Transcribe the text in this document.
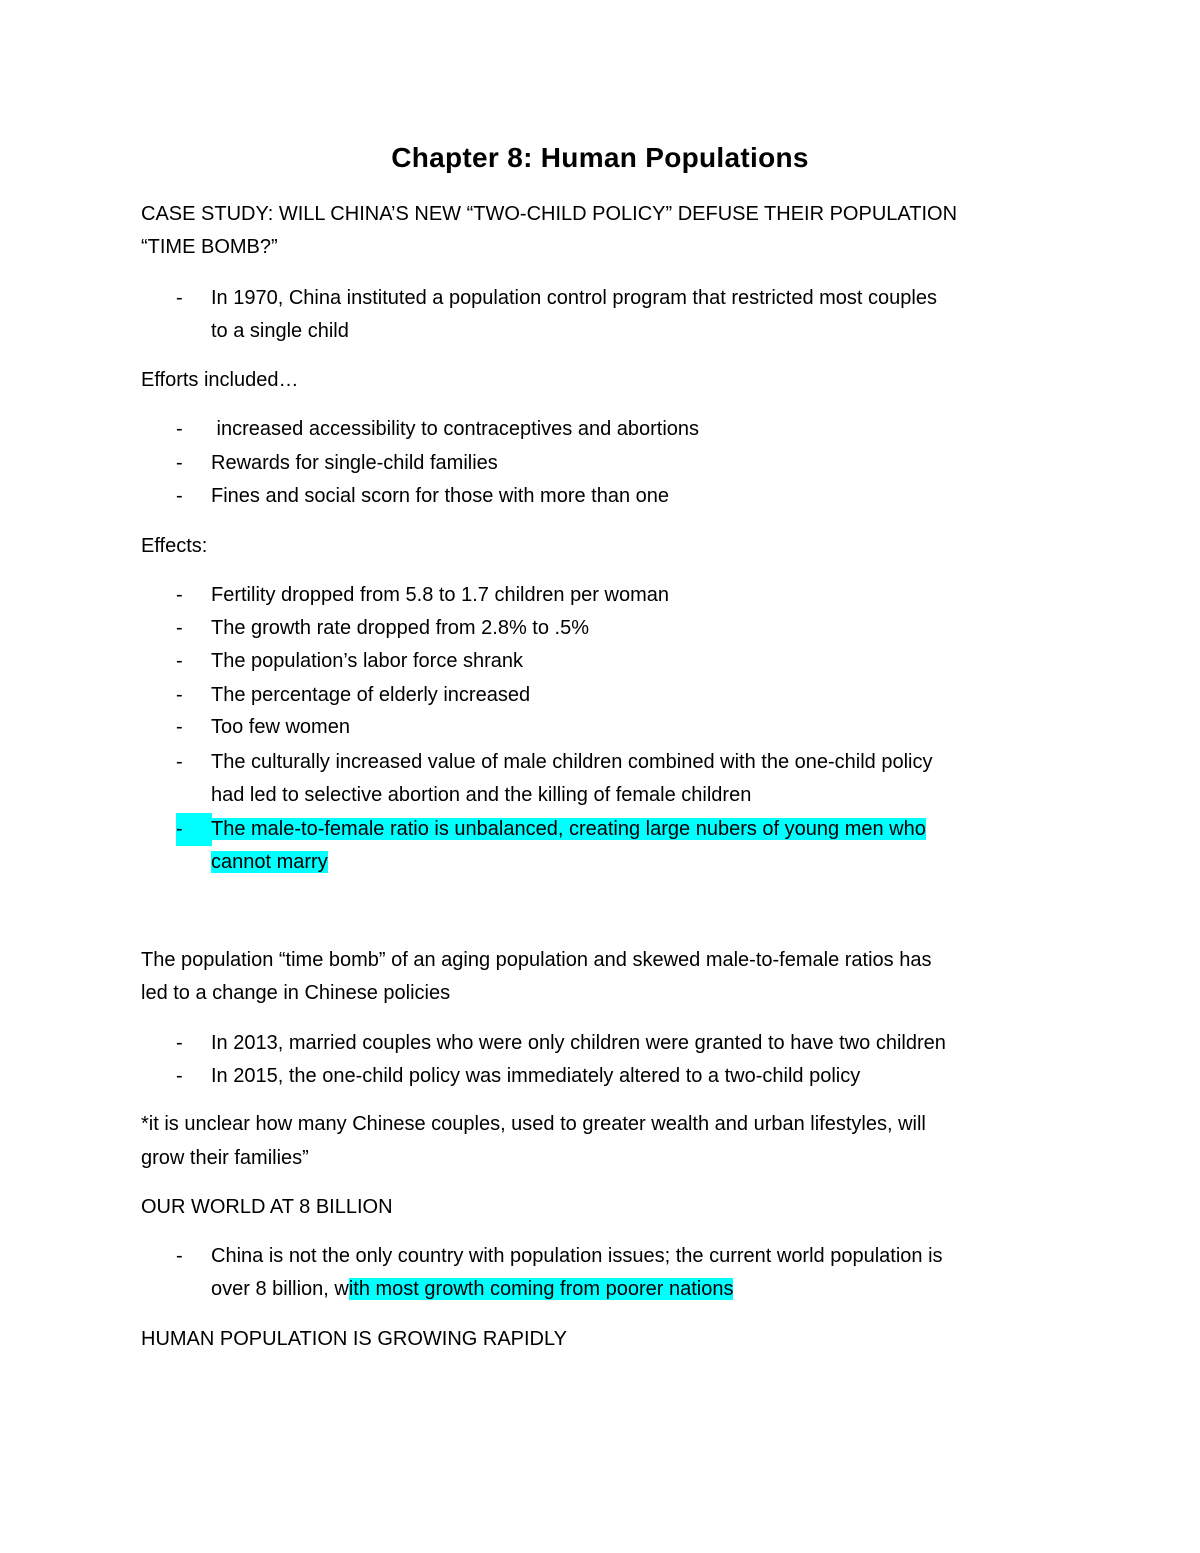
Chapter 8: Human Populations
CASE STUDY: WILL CHINA’S NEW “TWO-CHILD POLICY” DEFUSE THEIR POPULATION
“TIME BOMB?”
- In 1970, China instituted a population control program that restricted most couples
to a single child
Efforts included…
- increased accessibility to contraceptives and abortions
- Rewards for single-child families
- Fines and social scorn for those with more than one
Effects:
- Fertility dropped from 5.8 to 1.7 children per woman
- The growth rate dropped from 2.8% to .5%
- The population’s labor force shrank
- The percentage of elderly increased
- Too few women
- The culturally increased value of male children combined with the one-child policy
had led to selective abortion and the killing of female children
-	The male-to-female ratio is unbalanced, creating large nubers of young men who
cannot marry
The population “time bomb” of an aging population and skewed male-to-female ratios has
led to a change in Chinese policies
- In 2013, married couples who were only children were granted to have two children
- In 2015, the one-child policy was immediately altered to a two-child policy
*it is unclear how many Chinese couples, used to greater wealth and urban lifestyles, will
grow their families”
OUR WORLD AT 8 BILLION
- China is not the only country with population issues; the current world population is
over 8 billion, with most growth coming from poorer nations
HUMAN POPULATION IS GROWING RAPIDLY
